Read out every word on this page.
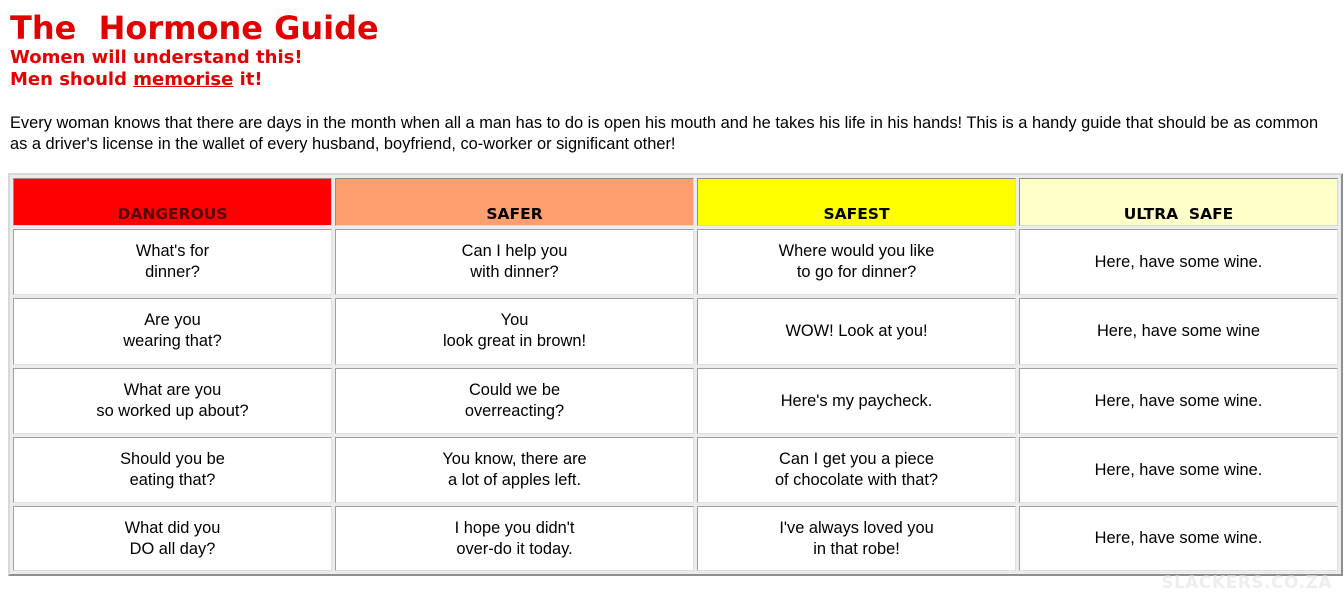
The  Hormone Guide

Women will understand this!

Men should memorise it!

Every woman knows that there are days in the month when all a man has to do is open his mouth and he takes his life in his hands! This is a handy guide that should be as common as a driver's license in the wallet of every husband, boyfriend, co-worker or significant other!

DANGEROUS	SAFER	SAFEST	ULTRA  SAFE
What's for
dinner?	Can I help you
with dinner?	Where would you like
to go for dinner?	Here, have some wine.
Are you
wearing that?	You
look great in brown!	WOW! Look at you!	Here, have some wine
What are you
so worked up about?	Could we be
overreacting?	Here's my paycheck.	Here, have some wine.
Should you be
eating that?	You know, there are
a lot of apples left.	Can I get you a piece
of chocolate with that?	Here, have some wine.
What did you
DO all day?	I hope you didn't
over-do it today.	I've always loved you
in that robe!	Here, have some wine.

SLACKERS.CO.ZA
